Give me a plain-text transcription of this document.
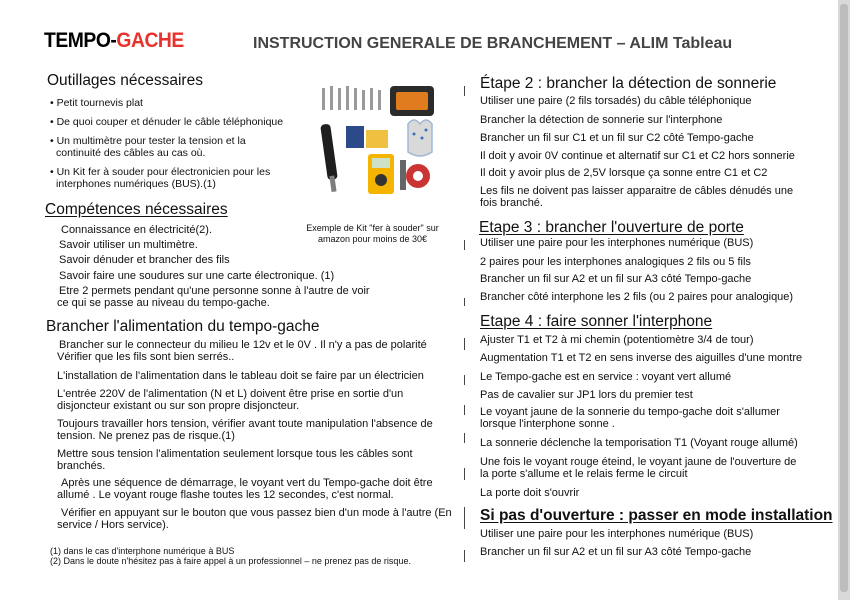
TEMPO-GACHE	INSTRUCTION GENERALE DE BRANCHEMENT – ALIM Tableau
Outillages nécessaires
• Petit tournevis plat
• De quoi couper et dénuder le câble téléphonique
• Un multimètre pour tester la tension et la
continuité des câbles au cas où.
• Un Kit fer à souder pour électronicien pour les
interphones numériques (BUS).(1)
Exemple de Kit "fer à souder" sur amazon pour moins de 30€
Compétences nécessaires
Connaissance en électricité(2).
Savoir utiliser un multimètre.
Savoir dénuder et brancher des fils
Savoir faire une soudures sur une carte électronique. (1)
Etre 2 permets pendant qu'une personne sonne à l'autre de voir
ce qui se passe au niveau du tempo-gache.
Brancher l'alimentation du tempo-gache
Brancher sur le connecteur du milieu le 12v et le 0V . Il n'y a pas de polarité
Vérifier que les fils sont bien serrés..
L'installation de l'alimentation dans le tableau doit se faire par un électricien
L'entrée 220V de l'alimentation (N et L) doivent être prise en sortie d'un
disjoncteur existant ou sur son propre disjoncteur.
Toujours travailler hors tension, vérifier avant toute manipulation l'absence de
tension. Ne prenez pas de risque.(1)
Mettre sous tension l'alimentation seulement lorsque tous les câbles sont
branchés.
Après une séquence de démarrage, le voyant vert du Tempo-gache doit être
allumé . Le voyant rouge flashe toutes les 12 secondes, c'est normal.
Vérifier en appuyant sur le bouton que vous passez bien d'un mode à l'autre (En
service / Hors service).
(1) dans le cas d'interphone numérique à BUS
(2) Dans le doute n'hésitez pas à faire appel à un professionnel – ne prenez pas de risque.
Étape 2 : brancher la détection de sonnerie
Utiliser une paire (2 fils torsadés) du câble téléphonique
Brancher la détection de sonnerie sur l'interphone
Brancher un fil sur C1 et un fil sur C2 côté Tempo-gache
Il doit y avoir 0V continue et alternatif sur C1 et C2 hors sonnerie
Il doit y avoir plus de 2,5V lorsque ça sonne entre C1 et C2
Les fils ne doivent pas laisser apparaitre de câbles dénudés une
fois branché.
Etape 3 : brancher l'ouverture de porte
Utiliser une paire pour les interphones numérique (BUS)
2 paires pour les interphones analogiques 2 fils ou 5 fils
Brancher un fil sur A2 et un fil sur A3 côté Tempo-gache
Brancher côté interphone les 2 fils (ou 2 paires pour analogique)
Etape 4 : faire sonner l'interphone
Ajuster T1 et T2 à mi chemin (potentiomètre 3/4 de tour)
Augmentation T1 et T2 en sens inverse des aiguilles d'une montre
Le Tempo-gache est en service : voyant vert allumé
Pas de cavalier sur JP1 lors du premier test
Le voyant jaune de la sonnerie du tempo-gache doit s'allumer
lorsque l'interphone sonne .
La sonnerie déclenche la temporisation T1 (Voyant rouge allumé)
Une fois le voyant rouge éteind, le voyant jaune de l'ouverture de
la porte s'allume et le relais ferme le circuit
La porte doit s'ouvrir
Si pas d'ouverture : passer en mode installation
Utiliser une paire pour les interphones numérique (BUS)
Brancher un fil sur A2 et un fil sur A3 côté Tempo-gache
